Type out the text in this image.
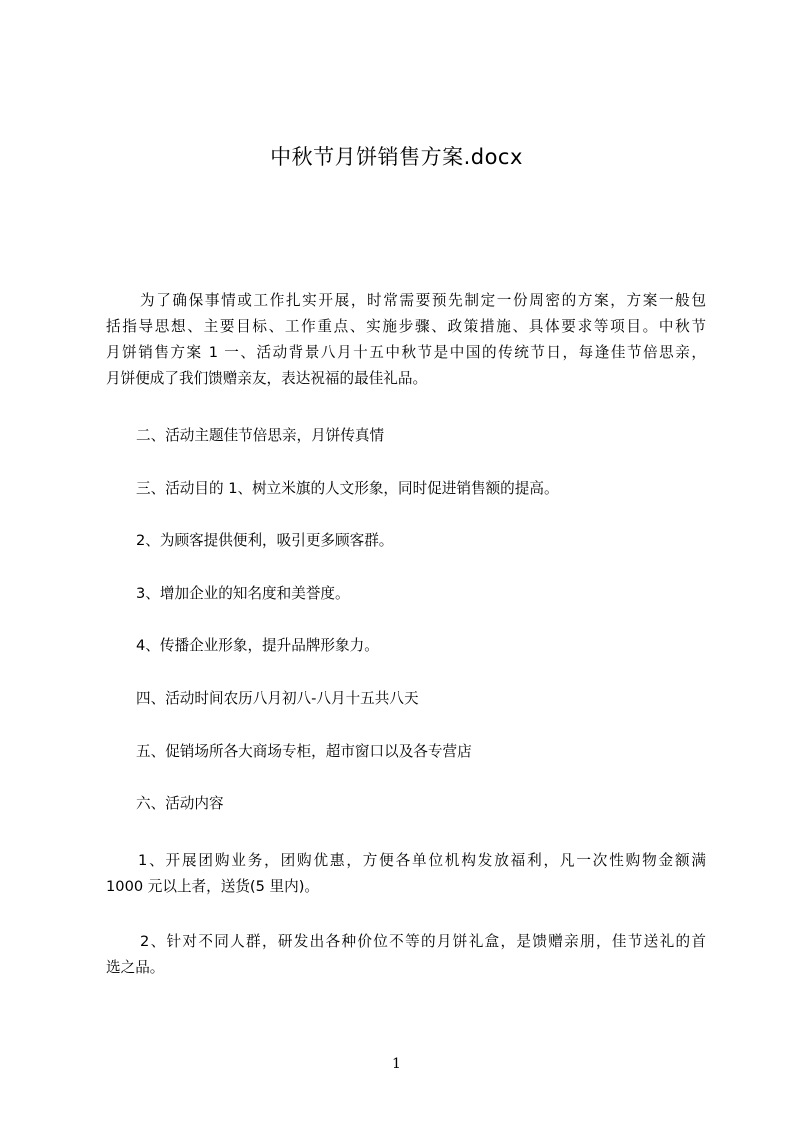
中秋节月饼销售方案.docx
为了确保事情或工作扎实开展，时常需要预先制定一份周密的方案，方案一般包
括指导思想、主要目标、工作重点、实施步骤、政策措施、具体要求等项目。中秋节
月饼销售方案 1 一、活动背景八月十五中秋节是中国的传统节日，每逢佳节倍思亲，
月饼便成了我们馈赠亲友，表达祝福的最佳礼品。
二、活动主题佳节倍思亲，月饼传真情
三、活动目的 1、树立米旗的人文形象，同时促进销售额的提高。
2、为顾客提供便利，吸引更多顾客群。
3、增加企业的知名度和美誉度。
4、传播企业形象，提升品牌形象力。
四、活动时间农历八月初八-八月十五共八天
五、促销场所各大商场专柜，超市窗口以及各专营店
六、活动内容
1、开展团购业务，团购优惠，方便各单位机构发放福利，凡一次性购物金额满
1000 元以上者，送货(5 里内)。
2、针对不同人群，研发出各种价位不等的月饼礼盒，是馈赠亲朋，佳节送礼的首
选之品。
1
